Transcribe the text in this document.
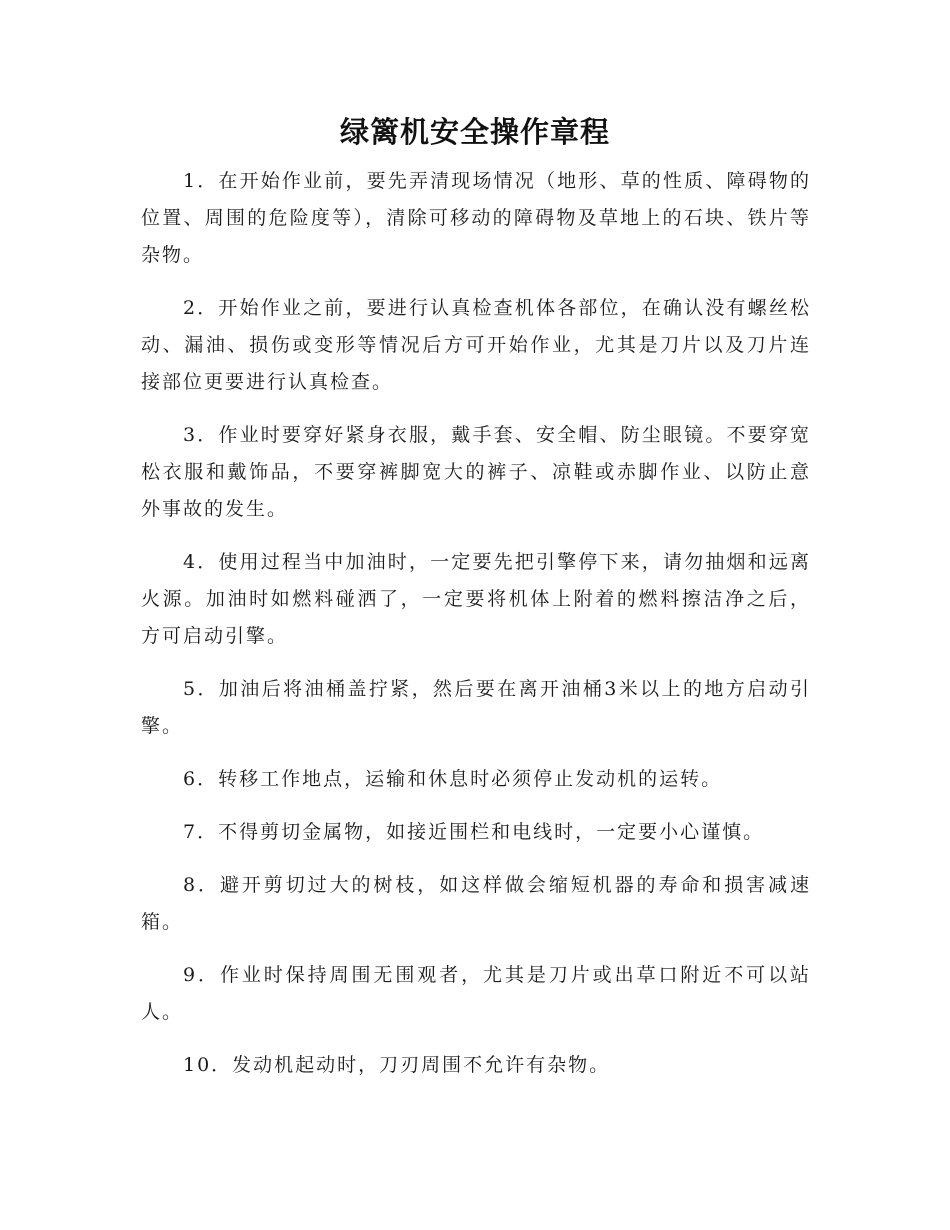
绿篱机安全操作章程

1．在开始作业前，要先弄清现场情况（地形、草的性质、障碍物的位置、周围的危险度等），清除可移动的障碍物及草地上的石块、铁片等杂物。

2．开始作业之前，要进行认真检查机体各部位，在确认没有螺丝松动、漏油、损伤或变形等情况后方可开始作业，尤其是刀片以及刀片连接部位更要进行认真检查。

3．作业时要穿好紧身衣服，戴手套、安全帽、防尘眼镜。不要穿宽松衣服和戴饰品，不要穿裤脚宽大的裤子、凉鞋或赤脚作业、以防止意外事故的发生。

4．使用过程当中加油时，一定要先把引擎停下来，请勿抽烟和远离火源。加油时如燃料碰洒了，一定要将机体上附着的燃料擦洁净之后，方可启动引擎。

5．加油后将油桶盖拧紧，然后要在离开油桶3米以上的地方启动引擎。

6．转移工作地点，运输和休息时必须停止发动机的运转。

7．不得剪切金属物，如接近围栏和电线时，一定要小心谨慎。

8．避开剪切过大的树枝，如这样做会缩短机器的寿命和损害减速箱。

9．作业时保持周围无围观者，尤其是刀片或出草口附近不可以站人。

10．发动机起动时，刀刃周围不允许有杂物。
